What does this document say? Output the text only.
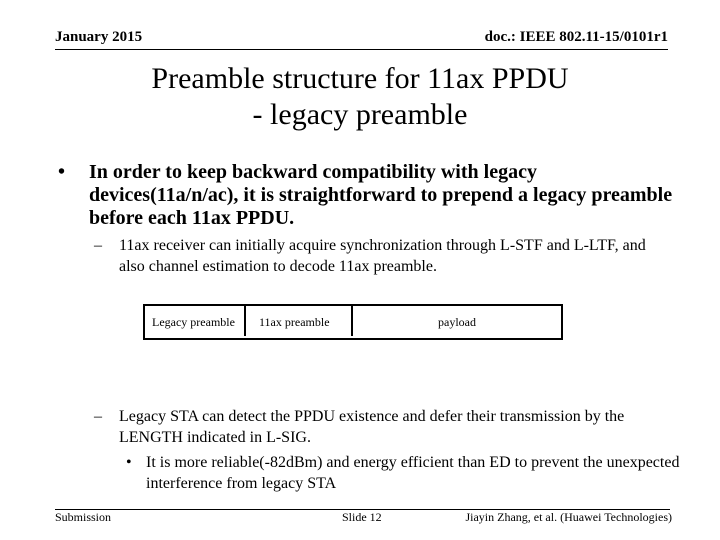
January 2015	doc.: IEEE 802.11-15/0101r1
Preamble structure for 11ax PPDU
- legacy preamble
•	In order to keep backward compatibility with legacy devices(11a/n/ac), it is straightforward to prepend a legacy preamble before each 11ax PPDU.
–	11ax receiver can initially acquire synchronization through L-STF and L-LTF, and also channel estimation to decode 11ax preamble.
Legacy preamble	11ax preamble	payload
–	Legacy STA can detect the PPDU existence and defer their transmission by the LENGTH indicated in L-SIG.
• It is more reliable(-82dBm) and energy efficient than ED to prevent the unexpected interference from legacy STA
Submission	Slide 12	Jiayin Zhang, et al. (Huawei Technologies)
